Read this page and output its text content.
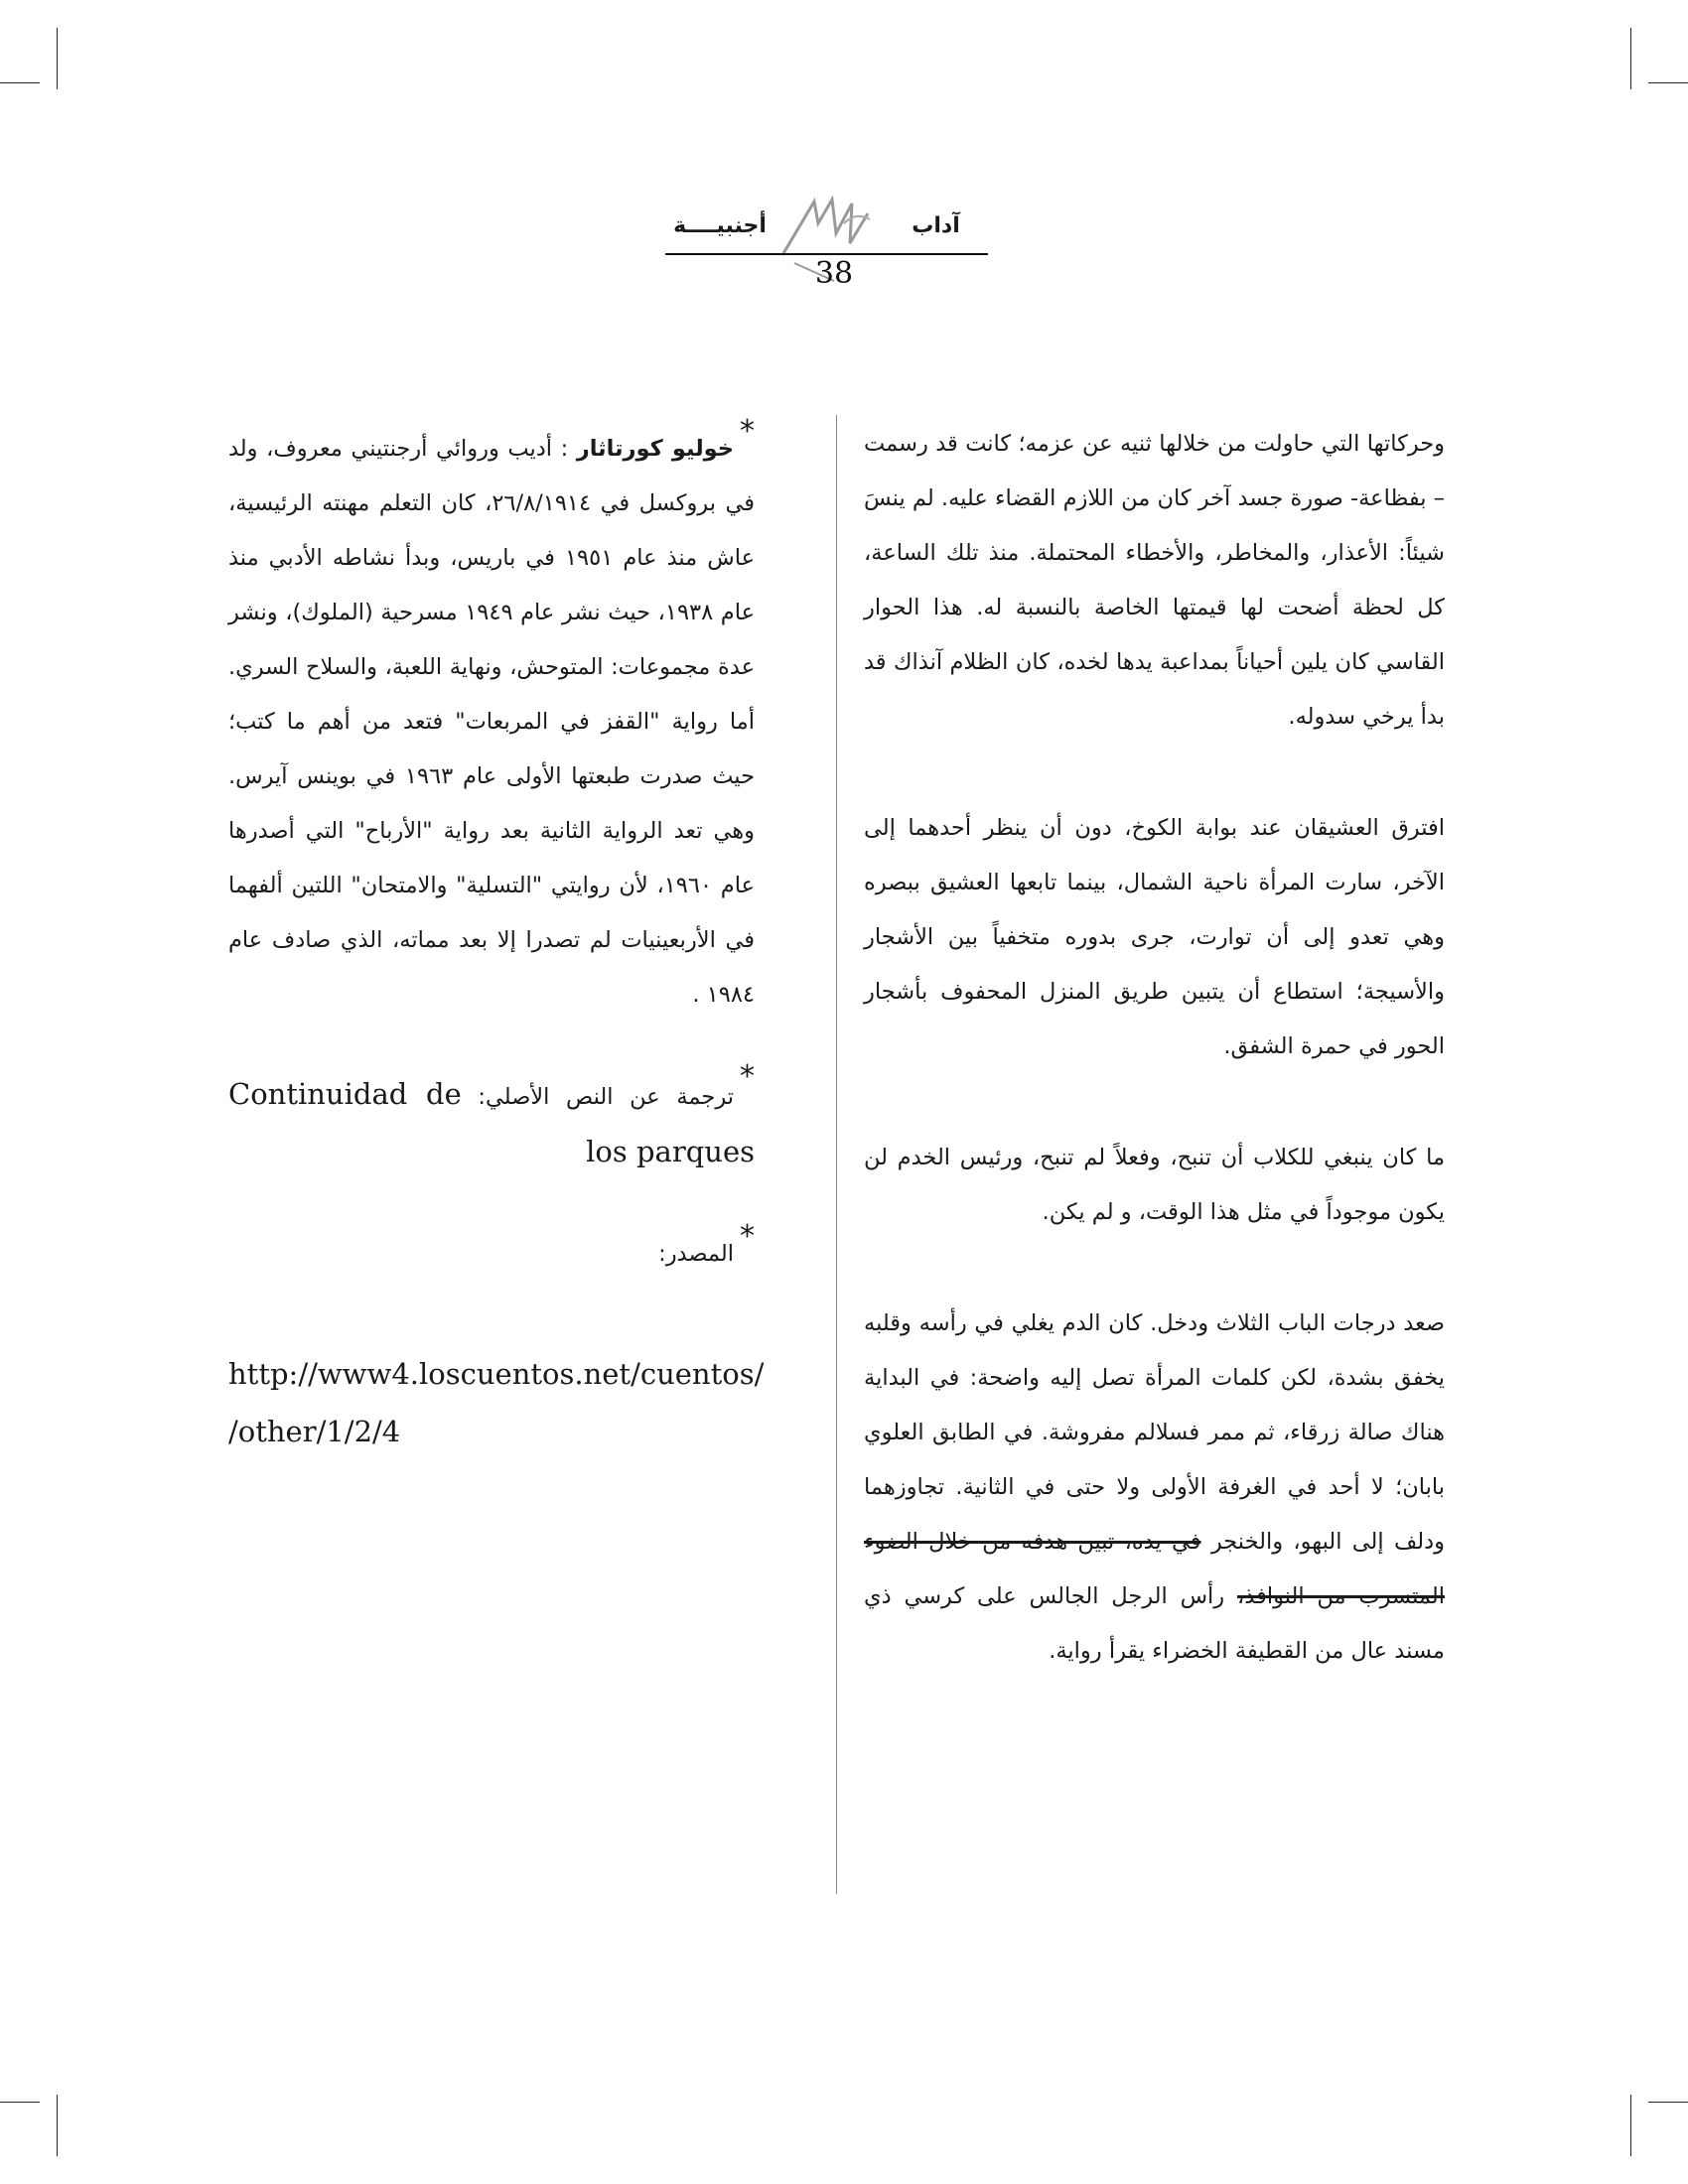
أجنبيــــة	آداب
38

وحركاتها التي حاولت من خلالها ثنيه عن عزمه؛ كانت قد رسمت – بفظاعة- صورة جسد آخر كان من اللازم القضاء عليه. لم ينسَ شيئاً: الأعذار، والمخاطر، والأخطاء المحتملة. منذ تلك الساعة، كل لحظة أضحت لها قيمتها الخاصة بالنسبة له. هذا الحوار القاسي كان يلين أحياناً بمداعبة يدها لخده، كان الظلام آنذاك قد بدأ يرخي سدوله.

افترق العشيقان عند بوابة الكوخ، دون أن ينظر أحدهما إلى الآخر، سارت المرأة ناحية الشمال، بينما تابعها العشيق ببصره وهي تعدو إلى أن توارت، جرى بدوره متخفياً بين الأشجار والأسيجة؛ استطاع أن يتبين طريق المنزل المحفوف بأشجار الحور في حمرة الشفق.

ما كان ينبغي للكلاب أن تنبح، وفعلاً لم تنبح، ورئيس الخدم لن يكون موجوداً في مثل هذا الوقت، و لم يكن.

صعد درجات الباب الثلاث ودخل. كان الدم يغلي في رأسه وقلبه يخفق بشدة، لكن كلمات المرأة تصل إليه واضحة: في البداية هناك صالة زرقاء، ثم ممر فسلالم مفروشة. في الطابق العلوي بابان؛ لا أحد في الغرفة الأولى ولا حتى في الثانية. تجاوزهما ودلف إلى البهو، والخنجر في يده، تبين هدفه من خلال الضوء المتسرب من النوافذ، رأس الرجل الجالس على كرسي ذي مسند عال من القطيفة الخضراء يقرأ رواية.

*خوليو كورتاثار : أديب وروائي أرجنتيني معروف، ولد في بروكسل في ٢٦/٨/١٩١٤، كان التعلم مهنته الرئيسية، عاش منذ عام ١٩٥١ في باريس، وبدأ نشاطه الأدبي منذ عام ١٩٣٨، حيث نشر عام ١٩٤٩ مسرحية (الملوك)، ونشر عدة مجموعات: المتوحش، ونهاية اللعبة، والسلاح السري. أما رواية "القفز في المربعات" فتعد من أهم ما كتب؛ حيث صدرت طبعتها الأولى عام ١٩٦٣ في بوينس آيرس. وهي تعد الرواية الثانية بعد رواية "الأرباح" التي أصدرها عام ١٩٦٠، لأن روايتي "التسلية" والامتحان" اللتين ألفهما في الأربعينيات لم تصدرا إلا بعد مماته، الذي صادف عام ١٩٨٤ .

*ترجمة عن النص الأصلي: Continuidad de los parques

*المصدر:

http://www4.loscuentos.net/cuentos/
/other/1/2/4
